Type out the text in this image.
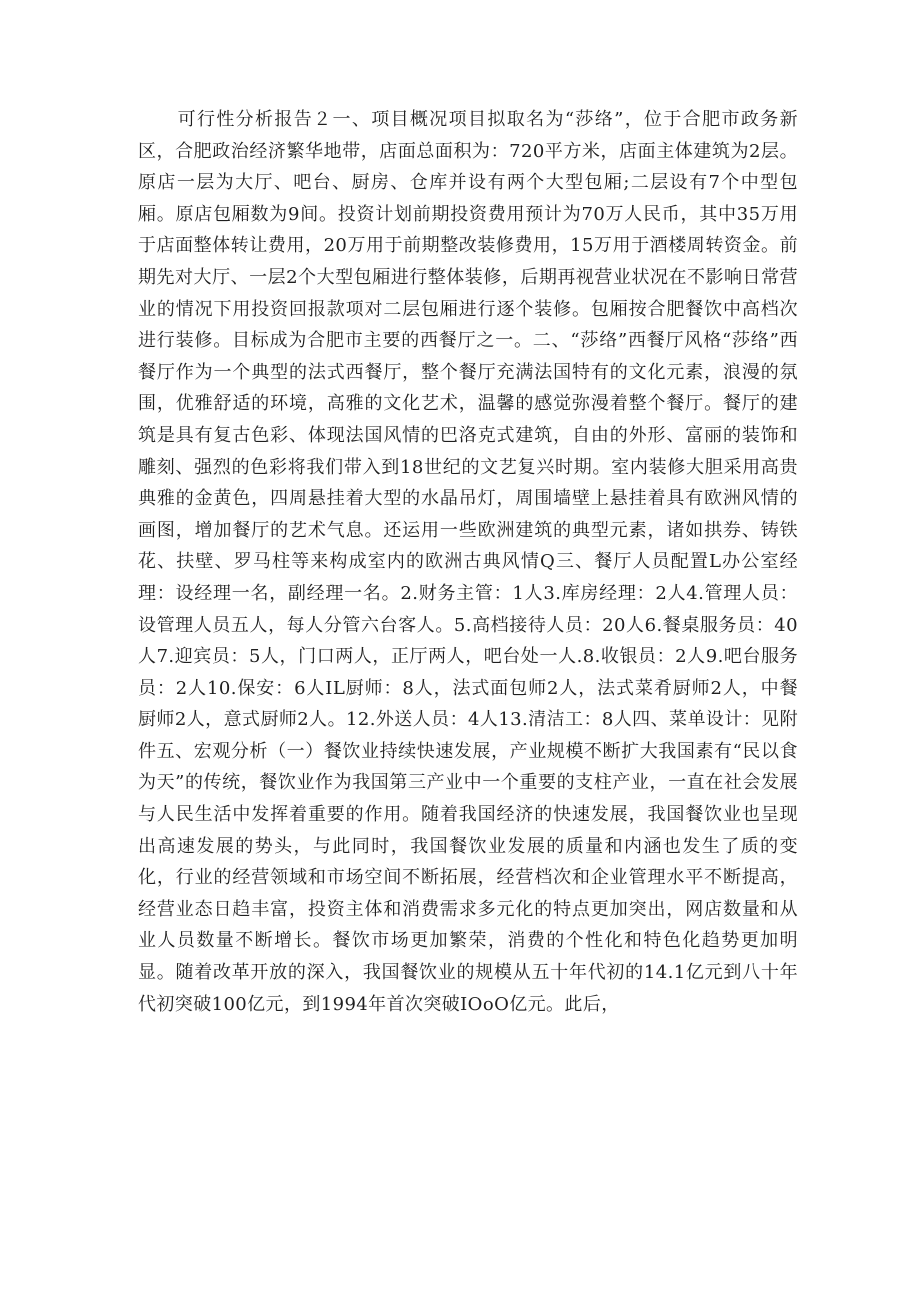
可行性分析报告２一、项目概况项目拟取名为“莎络”，位于合肥市政务新区，合肥政治经济繁华地带，店面总面积为：720平方米，店面主体建筑为2层。原店一层为大厅、吧台、厨房、仓库并设有两个大型包厢;二层设有7个中型包厢。原店包厢数为9间。投资计划前期投资费用预计为70万人民币，其中35万用于店面整体转让费用，20万用于前期整改装修费用，15万用于酒楼周转资金。前期先对大厅、一层2个大型包厢进行整体装修，后期再视营业状况在不影响日常营业的情况下用投资回报款项对二层包厢进行逐个装修。包厢按合肥餐饮中高档次进行装修。目标成为合肥市主要的西餐厅之一。二、“莎络”西餐厅风格“莎络”西餐厅作为一个典型的法式西餐厅，整个餐厅充满法国特有的文化元素，浪漫的氛围，优雅舒适的环境，高雅的文化艺术，温馨的感觉弥漫着整个餐厅。餐厅的建筑是具有复古色彩、体现法国风情的巴洛克式建筑，自由的外形、富丽的装饰和雕刻、强烈的色彩将我们带入到18世纪的文艺复兴时期。室内装修大胆采用高贵典雅的金黄色，四周悬挂着大型的水晶吊灯，周围墙壁上悬挂着具有欧洲风情的画图，增加餐厅的艺术气息。还运用一些欧洲建筑的典型元素，诸如拱券、铸铁花、扶壁、罗马柱等来构成室内的欧洲古典风情Q三、餐厅人员配置L办公室经理：设经理一名，副经理一名。2.财务主管：1人3.库房经理：2人4.管理人员：设管理人员五人，每人分管六台客人。5.高档接待人员：20人6.餐桌服务员：40人7.迎宾员：5人，门口两人，正厅两人，吧台处一人.8.收银员：2人9.吧台服务员：2人10.保安：6人IL厨师：8人，法式面包师2人，法式菜肴厨师2人，中餐厨师2人，意式厨师2人。12.外送人员：4人13.清洁工：8人四、菜单设计：见附件五、宏观分析（一）餐饮业持续快速发展，产业规模不断扩大我国素有“民以食为天”的传统，餐饮业作为我国第三产业中一个重要的支柱产业，一直在社会发展与人民生活中发挥着重要的作用。随着我国经济的快速发展，我国餐饮业也呈现出高速发展的势头，与此同时，我国餐饮业发展的质量和内涵也发生了质的变化，行业的经营领域和市场空间不断拓展，经营档次和企业管理水平不断提高，经营业态日趋丰富，投资主体和消费需求多元化的特点更加突出，网店数量和从业人员数量不断增长。餐饮市场更加繁荣，消费的个性化和特色化趋势更加明显。随着改革开放的深入，我国餐饮业的规模从五十年代初的14.1亿元到八十年代初突破100亿元，到1994年首次突破IOoO亿元。此后，
